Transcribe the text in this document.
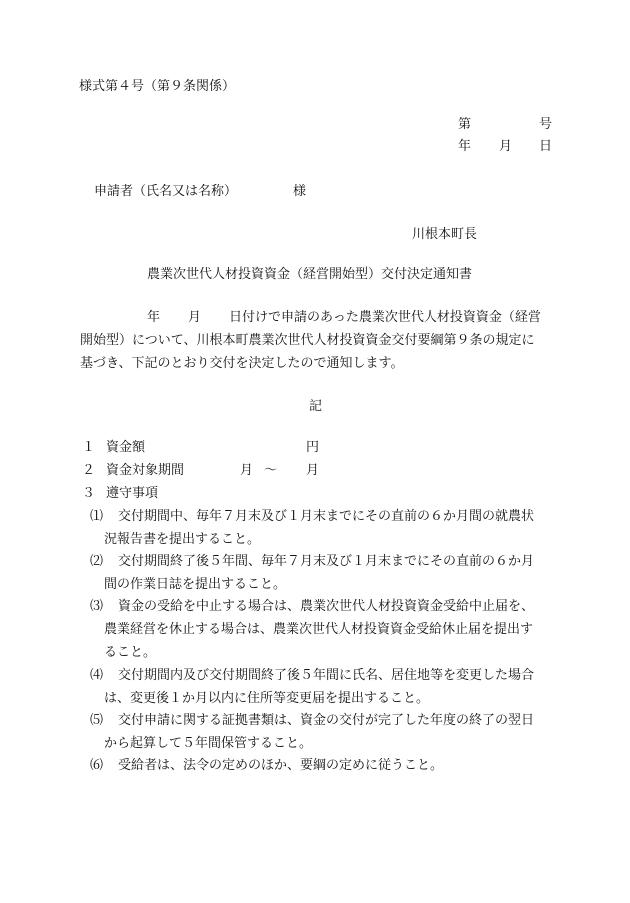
様式第４号（第９条関係）
第	号
年 月 日
申請者（氏名又は名称）	様
川根本町長
農業次世代人材投資資金（経営開始型）交付決定通知書
年 月 日付けで申請のあった農業次世代人材投資資金（経営
開始型）について、川根本町農業次世代人材投資資金交付要綱第９条の規定に
基づき、下記のとおり交付を決定したので通知します。
記
１ 資金額	円
２ 資金対象期間	月 〜 月
３ 遵守事項
⑴ 交付期間中、毎年７月末及び１月末までにその直前の６か月間の就農状
況報告書を提出すること。
⑵ 交付期間終了後５年間、毎年７月末及び１月末までにその直前の６か月
間の作業日誌を提出すること。
⑶ 資金の受給を中止する場合は、農業次世代人材投資資金受給中止届を、
農業経営を休止する場合は、農業次世代人材投資資金受給休止届を提出す
ること。
⑷ 交付期間内及び交付期間終了後５年間に氏名、居住地等を変更した場合
は、変更後１か月以内に住所等変更届を提出すること。
⑸ 交付申請に関する証拠書類は、資金の交付が完了した年度の終了の翌日
から起算して５年間保管すること。
⑹ 受給者は、法令の定めのほか、要綱の定めに従うこと。
